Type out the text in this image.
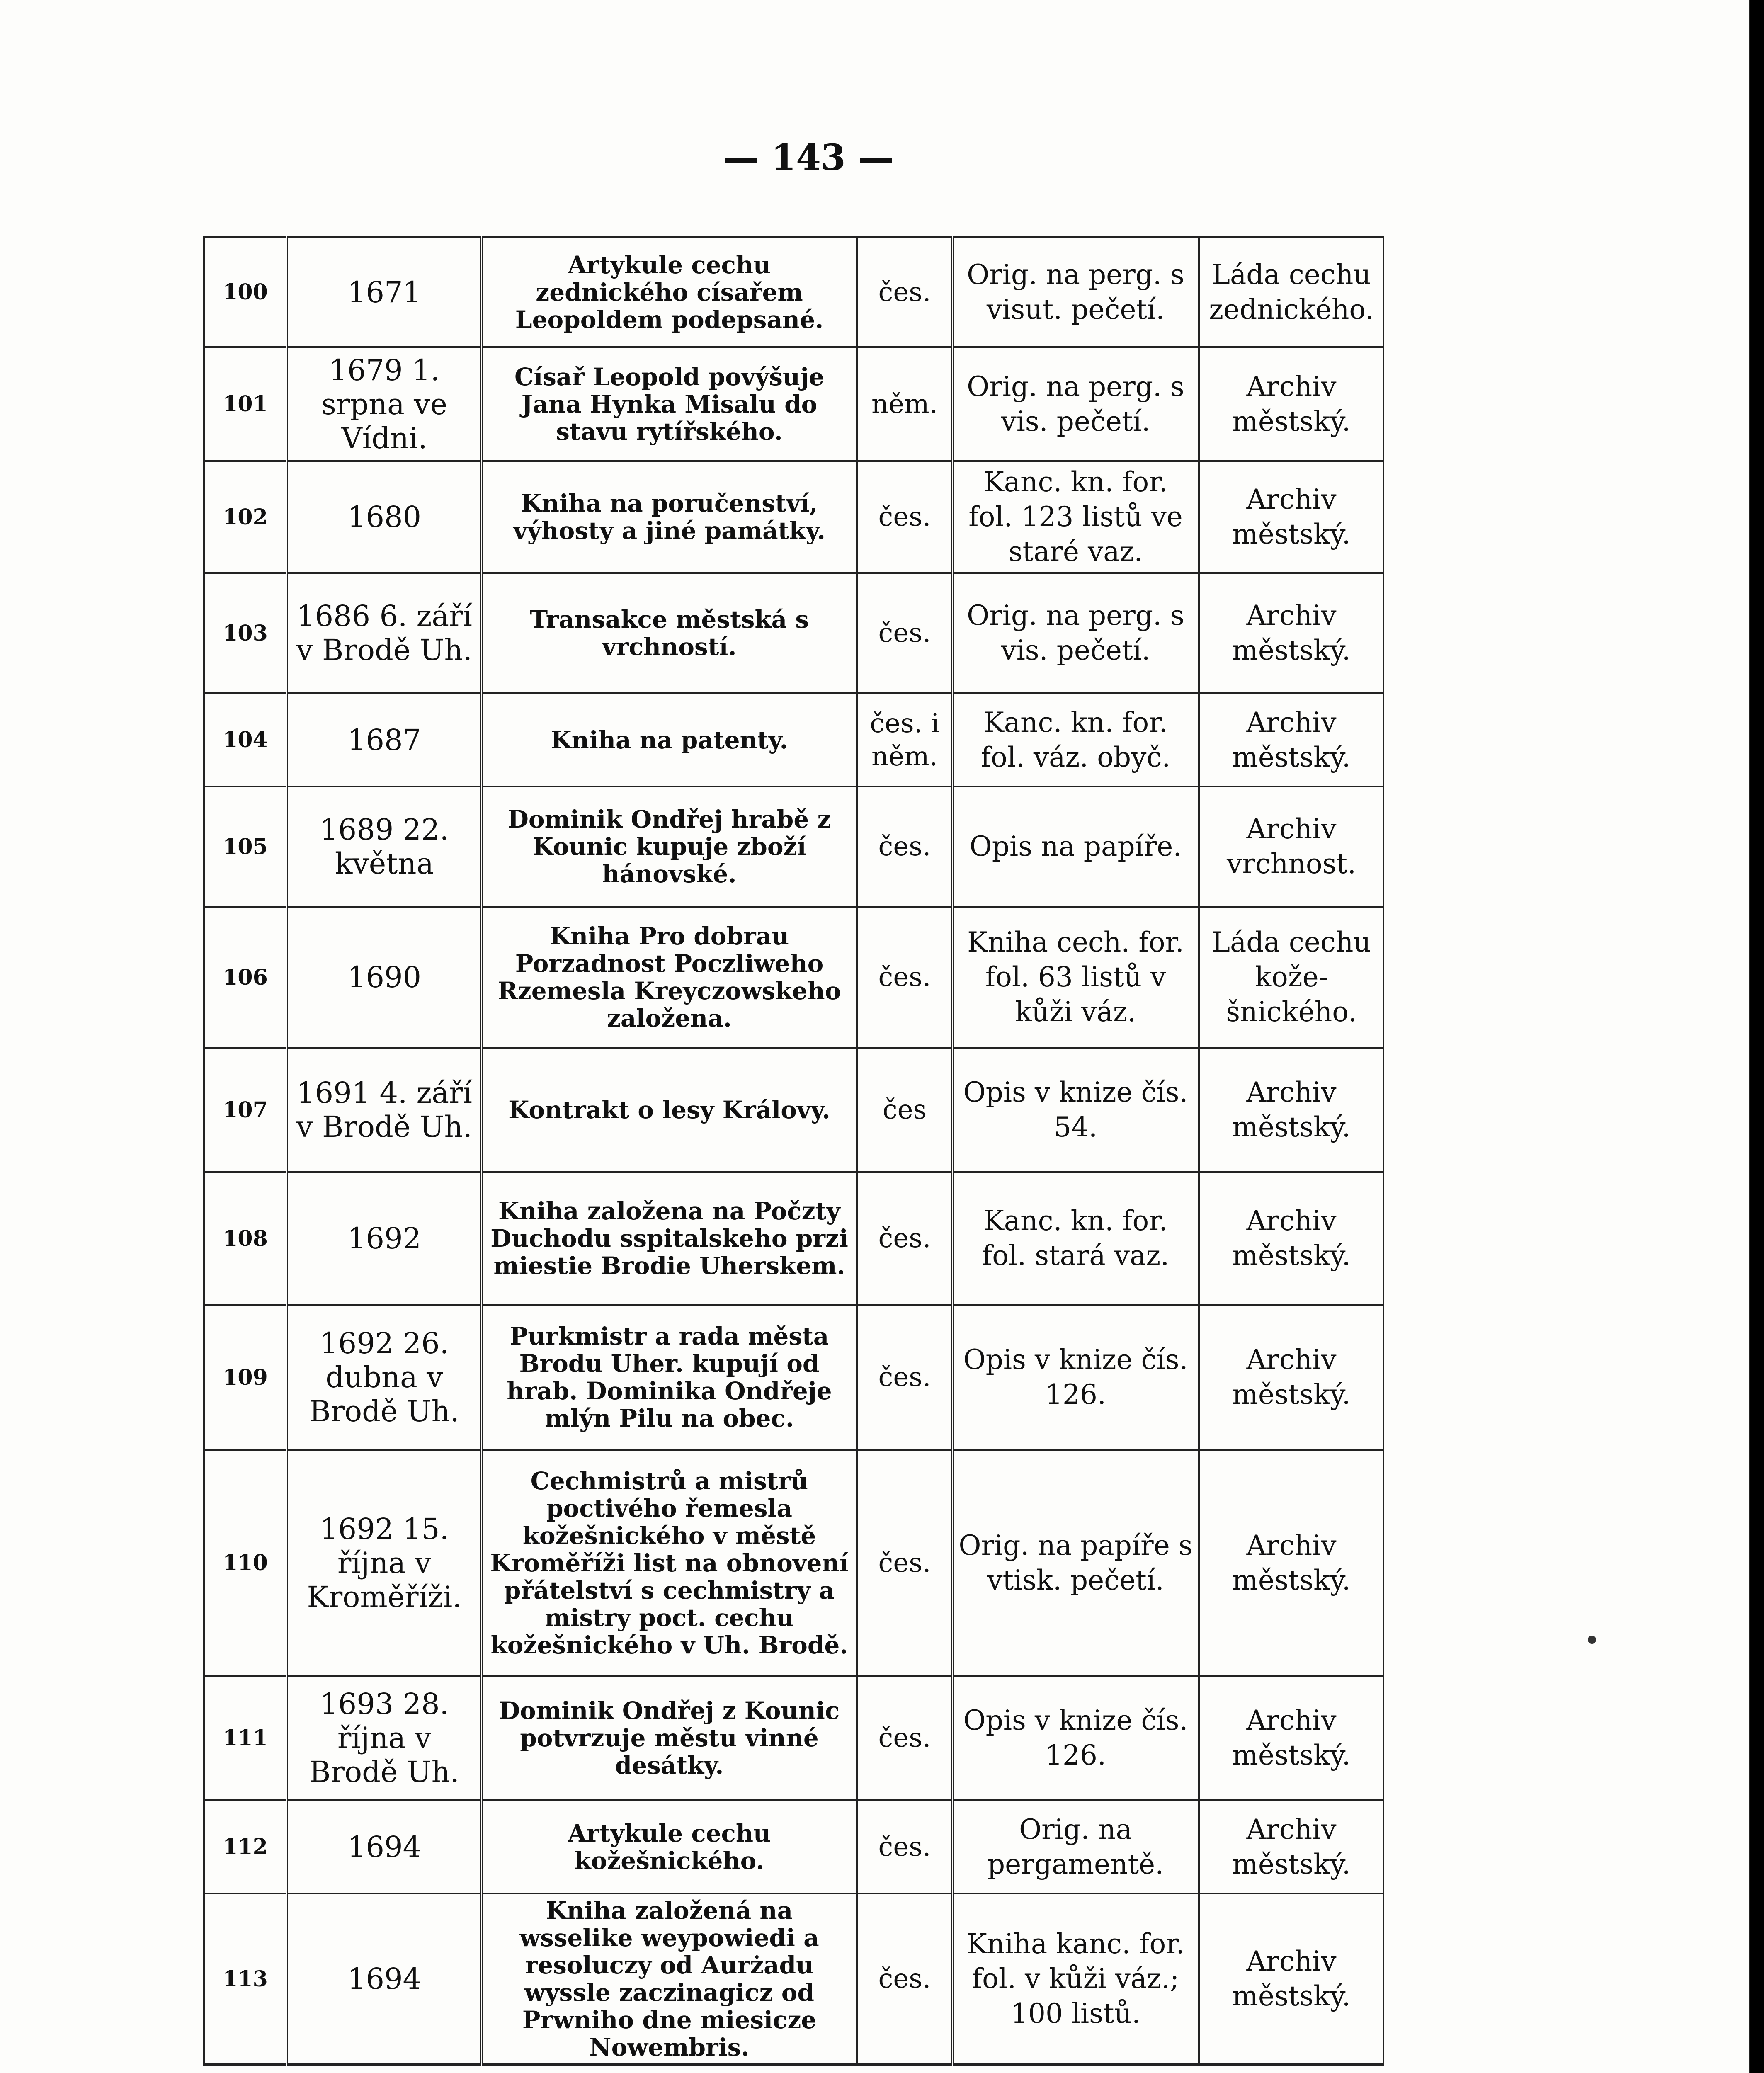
— 143 —
100	1671	Artykule cechu zednického císařem Leopoldem podepsané.	čes.	Orig. na perg. s visut. pečetí.	Láda cechu zednického.
101	1679 1. srpna ve Vídni.	Císař Leopold povýšuje Jana Hynka Misalu do stavu rytířského.	něm.	Orig. na perg. s vis. pečetí.	Archiv městský.
102	1680	Kniha na poručenství, výhosty a jiné památky.	čes.	Kanc. kn. for. fol. 123 listů ve staré vaz.	Archiv městský.
103	1686 6. září v Brodě Uh.	Transakce městská s vrchností.	čes.	Orig. na perg. s vis. pečetí.	Archiv městský.
104	1687	Kniha na patenty.	čes. i něm.	Kanc. kn. for. fol. váz. obyč.	Archiv městský.
105	1689 22. května	Dominik Ondřej hrabě z Kounic kupuje zboží hánovské.	čes.	Opis na papíře.	Archiv vrchnost.
106	1690	Kniha Pro dobrau Porzadnost Poczliweho Rzemesla Kreyczowskeho založena.	čes.	Kniha cech. for. fol. 63 listů v kůži váz.	Láda cechu kože-šnického.
107	1691 4. září v Brodě Uh.	Kontrakt o lesy Královy.	čes	Opis v knize čís. 54.	Archiv městský.
108	1692	Kniha založena na Počzty Duchodu sspitalskeho przi miestie Brodie Uherskem.	čes.	Kanc. kn. for. fol. stará vaz.	Archiv městský.
109	1692 26. dubna v Brodě Uh.	Purkmistr a rada města Brodu Uher. kupují od hrab. Dominika Ondřeje mlýn Pilu na obec.	čes.	Opis v knize čís. 126.	Archiv městský.
110	1692 15. října v Kroměříži.	Cechmistrů a mistrů poctivého řemesla kožešnického v městě Kroměříži list na obnovení přátelství s cechmistry a mistry poct. cechu kožešnického v Uh. Brodě.	čes.	Orig. na papíře s vtisk. pečetí.	Archiv městský.
111	1693 28. října v Brodě Uh.	Dominik Ondřej z Kounic potvrzuje městu vinné desátky.	čes.	Opis v knize čís. 126.	Archiv městský.
112	1694	Artykule cechu kožešnického.	čes.	Orig. na pergamentě.	Archiv městský.
113	1694	Kniha založená na wsselike weypowiedi a resoluczy od Aurżadu wyssle zaczinagicz od Prwniho dne miesicze Nowembris.	čes.	Kniha kanc. for. fol. v kůži váz.; 100 listů.	Archiv městský.
